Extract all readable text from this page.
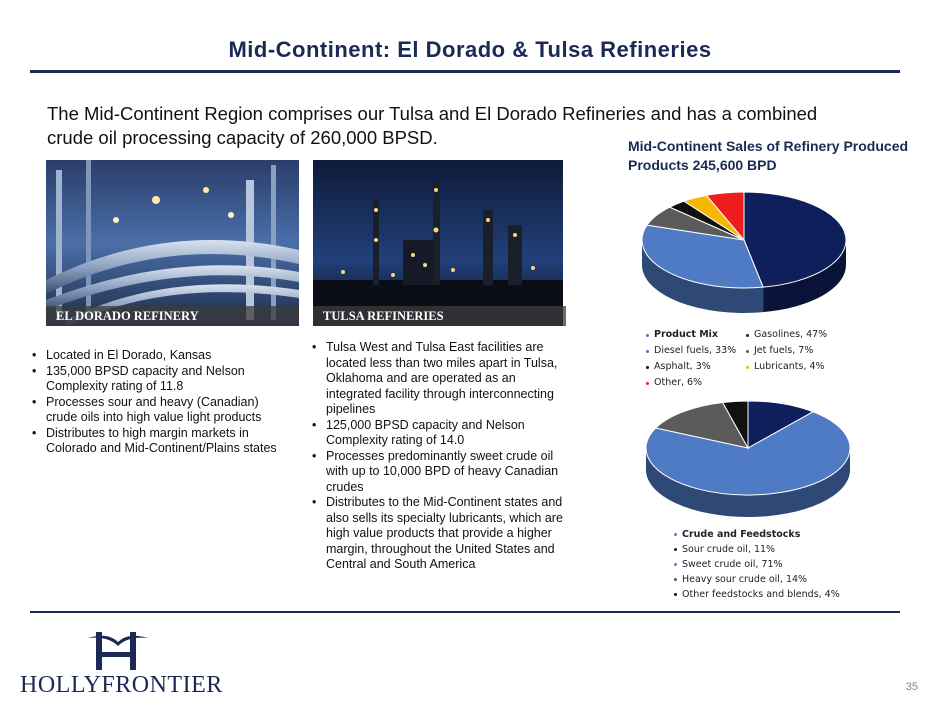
Mid-Continent: El Dorado & Tulsa Refineries
The Mid-Continent Region comprises our Tulsa and El Dorado Refineries and has a combined crude oil processing capacity of 260,000 BPSD.
EL DORADO REFINERY	TULSA REFINERIES
• Located in El Dorado, Kansas
• 135,000 BPSD capacity and Nelson Complexity rating of 11.8
• Processes sour and heavy (Canadian) crude oils into high value light products
• Distributes to high margin markets in Colorado and Mid-Continent/Plains states
• Tulsa West and Tulsa East facilities are located less than two miles apart in Tulsa, Oklahoma and are operated as an integrated facility through interconnecting pipelines
• 125,000 BPSD capacity and Nelson Complexity rating of 14.0
• Processes predominantly sweet crude oil with up to 10,000 BPD of heavy Canadian crudes
• Distributes to the Mid-Continent states and also sells its specialty lubricants, which are high value products that provide a higher margin, throughout the United States and Central and South America
Mid-Continent Sales of Refinery Produced Products 245,600 BPD
Product Mix	Gasolines, 47%
Diesel fuels, 33% Jet fuels, 7%
Asphalt, 3%	Lubricants, 4%
Other, 6%
Crude and Feedstocks
Sour crude oil, 11%
Sweet crude oil, 71%
Heavy sour crude oil, 14%
Other feedstocks and blends, 4%
HOLLYFRONTIER	35
